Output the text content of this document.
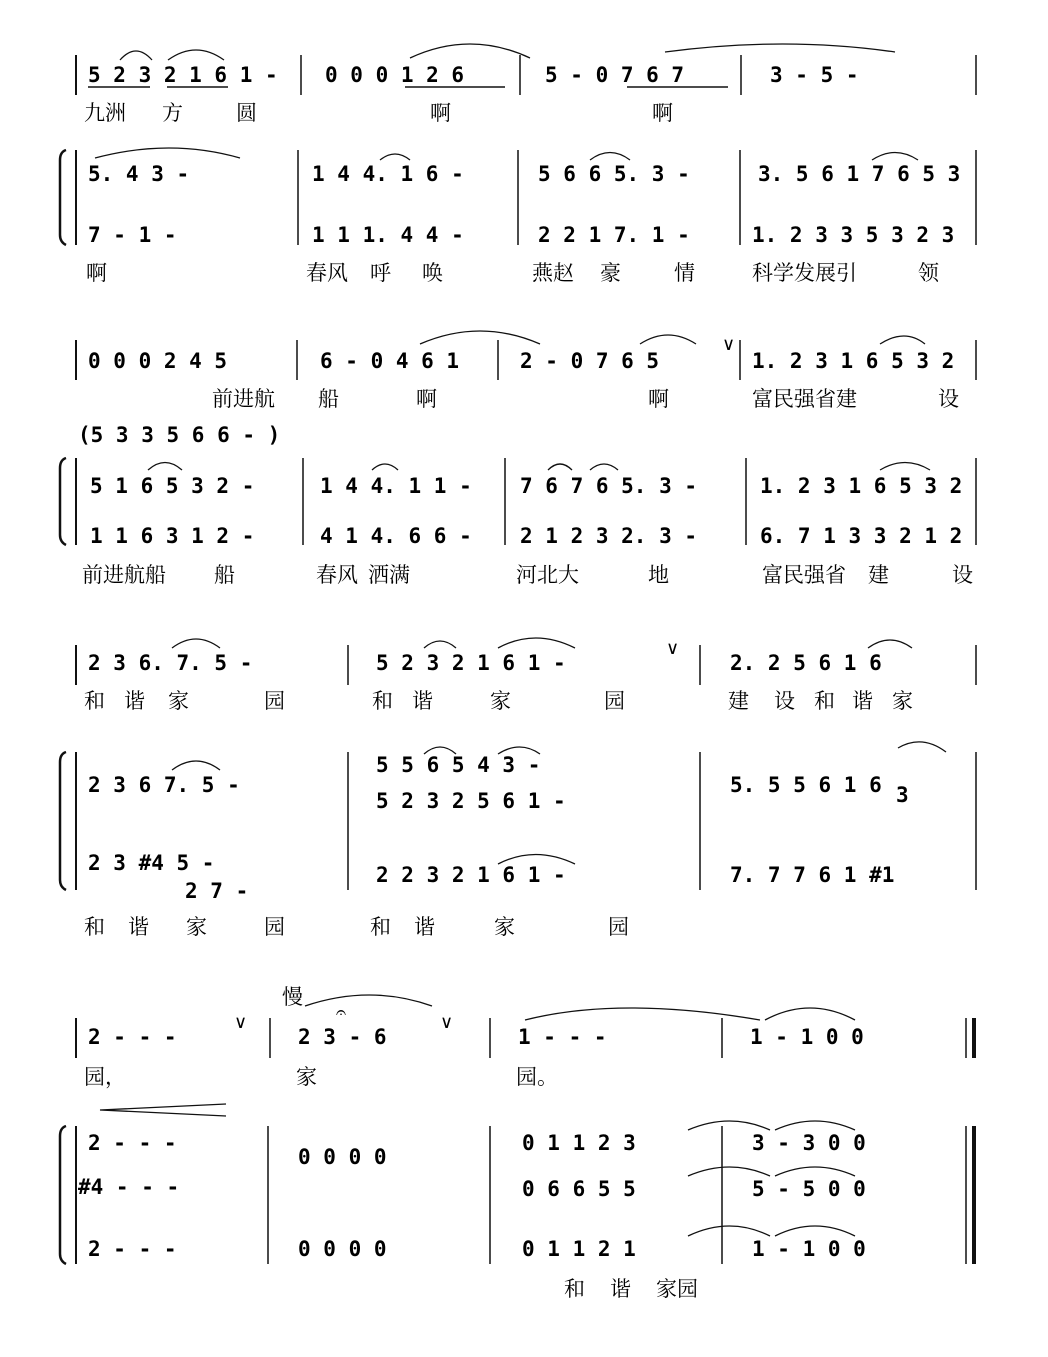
5 2 3 2 1 6 1 - 0 0 0 1 2 6	5 - 0 7 6 7	3 - 5 -
九洲 方	圆	啊	啊
5. 4 3 -	1 4 4. 1 6 -	5 6 6 5. 3 -	3. 5 6 1 7 6 5 3
7 - 1 -	1 1 1. 4 4 -	2 2 1 7. 1 -	1. 2 3 3 5 3 2 3
啊	春风 呼 唤	燕赵 豪	情	科学发展引	领
0 0 0 2 4 5	6 - 0 4 6 1	2 - 0 7 6 5	1. 2 3 1 6 5 3 2
∨
前进航 船	啊	啊	富民强省建	设
(5 3 3 5 6 6 - )
5 1 6 5 3 2 -	1 4 4. 1 1 - 7 6 7 6 5. 3 -	1. 2 3 1 6 5 3 2
1 1 6 3 1 2 -	4 1 4. 6 6 - 2 1 2 3 2. 3 -	6. 7 1 3 3 2 1 2
前进航船 船	春风 洒满	河北大	地	富民强省 建	设
2 3 6. 7. 5 -	5 2 3 2 1 6 1 -	2. 2 5 6 1 6
∨
和 谐 家	园	和 谐	家	园	建 设 和 谐 家
2 3 6 7. 5 -
5 5 6 5 4 3 -
5 2 3 2 5 6 1 -
5. 5 5 6 1 6 3
2 3 #4 5 -
2 7 -
2 2 3 2 1 6 1 -	7. 7 7 6 1 #1
和 谐 家	园	和 谐	家	园
慢
2 - - -	2 3 - 6	1 - - -	1 - 1 0 0
𝄐
∨	∨
园，	家	园。
2 - - -
0 0 0 0
0 1 1 2 3	3 - 3 0 0
#4 - - -	0 6 6 5 5	5 - 5 0 0
2 - - -	0 0 0 0	0 1 1 2 1	1 - 1 0 0
和 谐 家园
